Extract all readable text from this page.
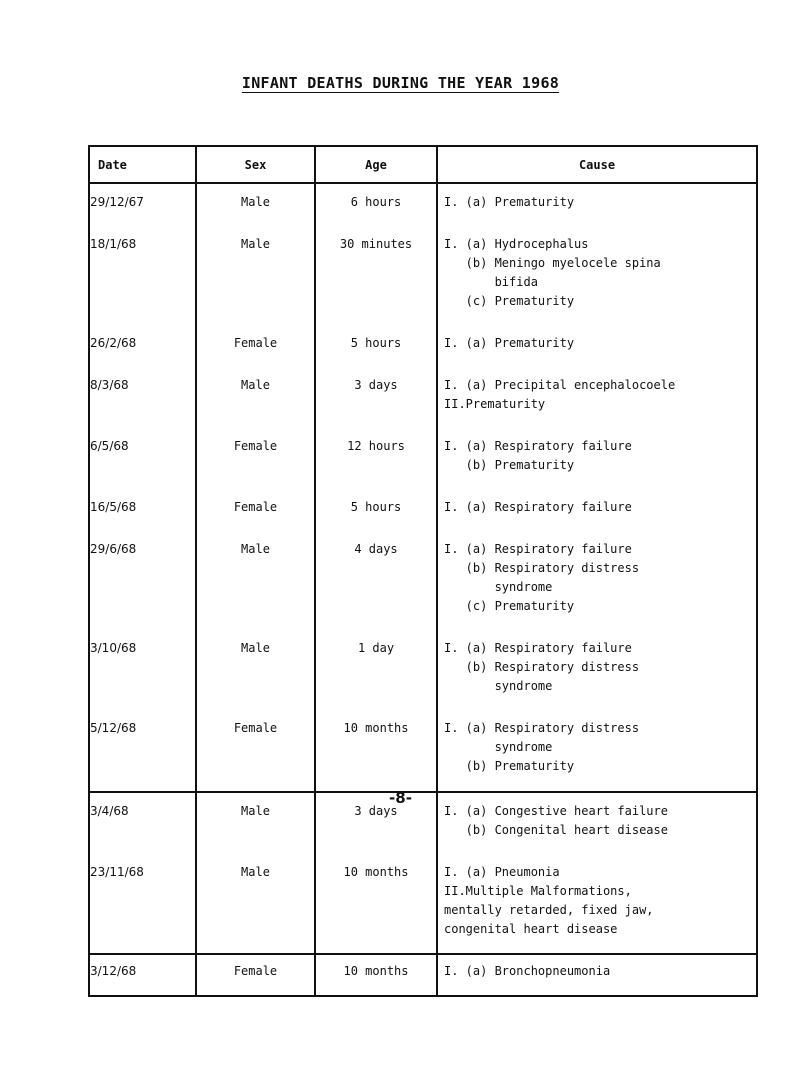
INFANT DEATHS DURING THE YEAR 1968
Date	Sex	Age	Cause

29/12/67	Male	6 hours	I. (a) Prematurity

18/1/68	Male	30 minutes	I. (a) Hydrocephalus
(b) Meningo myelocele spina
bifida
(c) Prematurity

26/2/68	Female	5 hours	I. (a) Prematurity

8/3/68	Male	3 days	I. (a) Precipital encephalocoele
II.Prematurity

6/5/68	Female	12 hours	I. (a) Respiratory failure
(b) Prematurity

16/5/68	Female	5 hours	I. (a) Respiratory failure

29/6/68	Male	4 days	I. (a) Respiratory failure
(b) Respiratory distress
syndrome
(c) Prematurity

3/10/68	Male	1 day	I. (a) Respiratory failure
(b) Respiratory distress
syndrome

5/12/68	Female	10 months	I. (a) Respiratory distress
syndrome
(b) Prematurity

3/4/68	Male	3 days	I. (a) Congestive heart failure
(b) Congenital heart disease

23/11/68	Male	10 months	I. (a) Pneumonia
II.Multiple Malformations,
mentally retarded, fixed jaw,
congenital heart disease

3/12/68	Female	10 months	I. (a) Bronchopneumonia
-8-
